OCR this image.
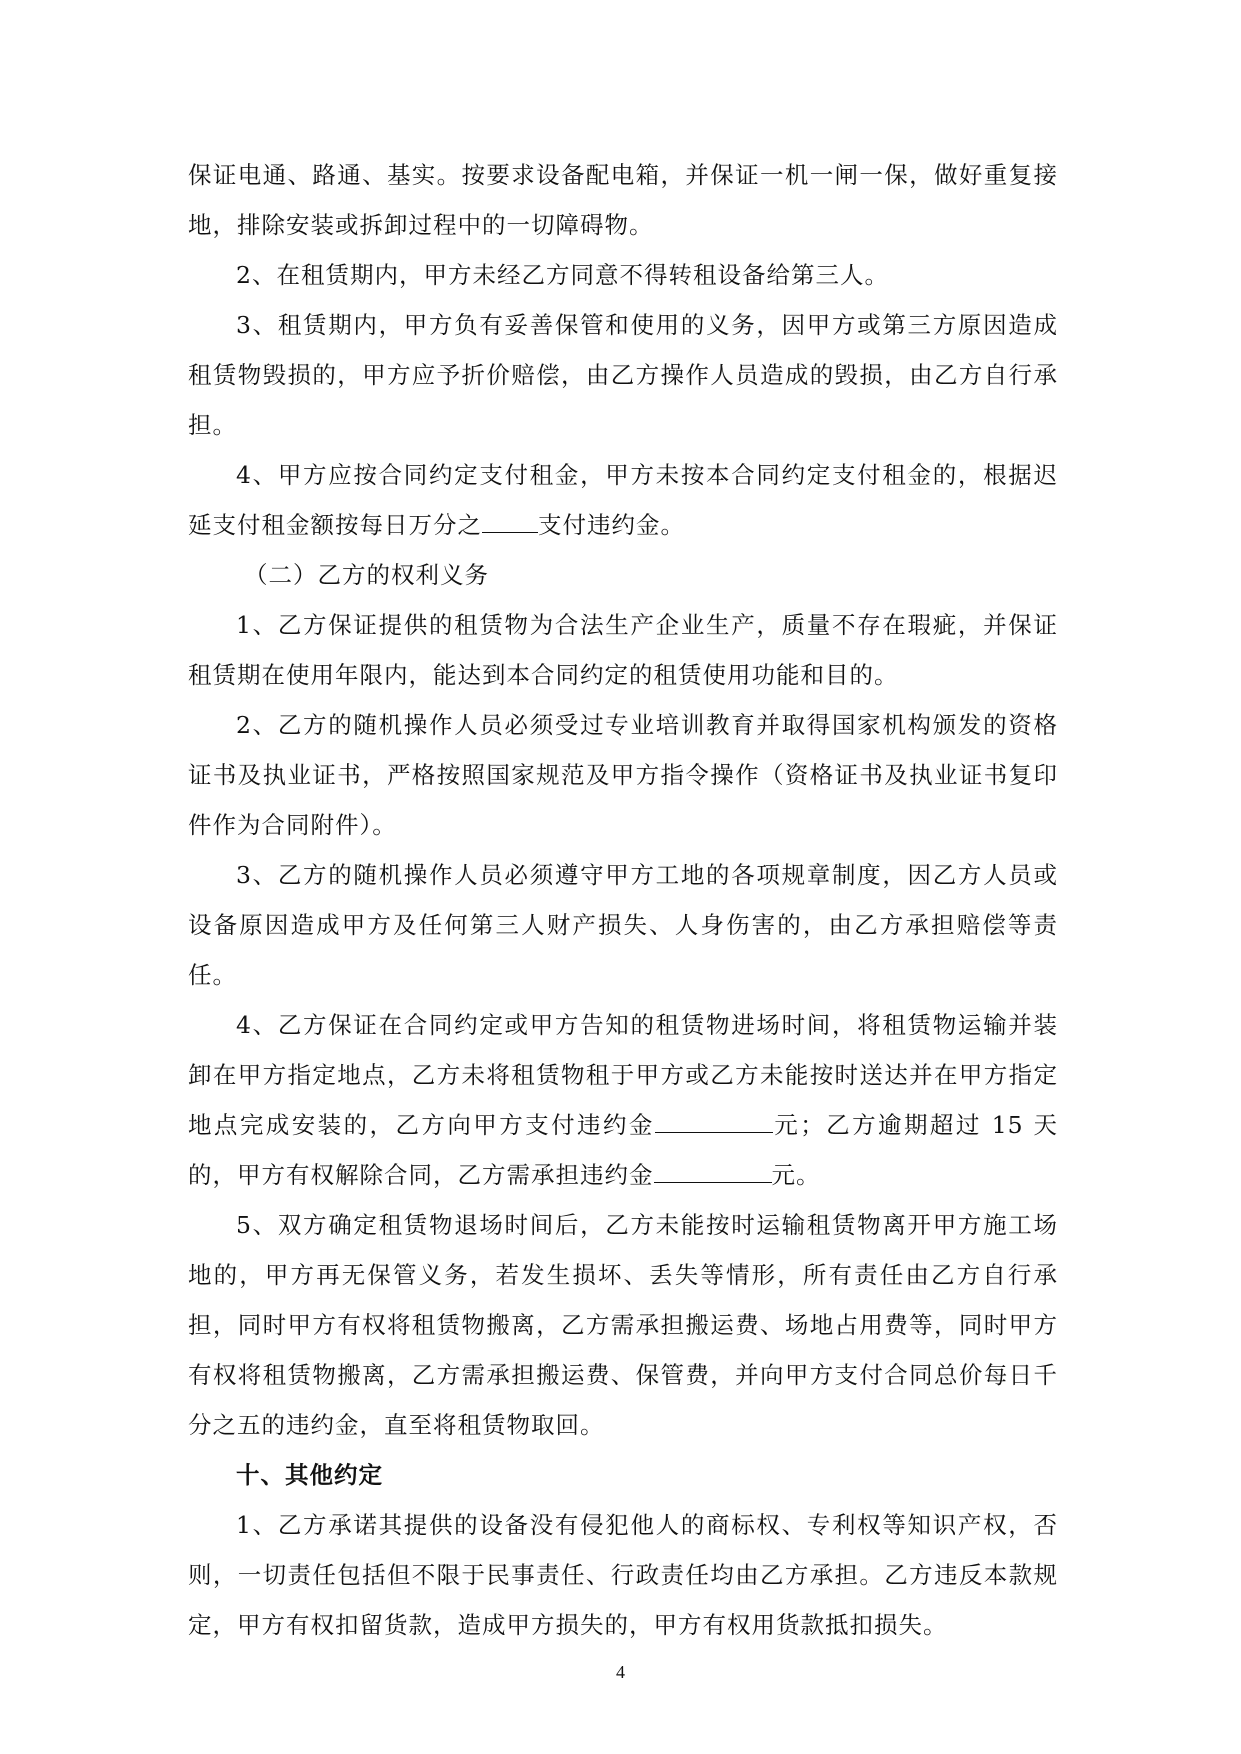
保证电通、路通、基实。按要求设备配电箱，并保证一机一闸一保，做好重复接地，排除安装或拆卸过程中的一切障碍物。

2、在租赁期内，甲方未经乙方同意不得转租设备给第三人。

3、租赁期内，甲方负有妥善保管和使用的义务，因甲方或第三方原因造成租赁物毁损的，甲方应予折价赔偿，由乙方操作人员造成的毁损，由乙方自行承担。

4、甲方应按合同约定支付租金，甲方未按本合同约定支付租金的，根据迟延支付租金额按每日万分之 支付违约金。

（二）乙方的权利义务

1、乙方保证提供的租赁物为合法生产企业生产，质量不存在瑕疵，并保证租赁期在使用年限内，能达到本合同约定的租赁使用功能和目的。

2、乙方的随机操作人员必须受过专业培训教育并取得国家机构颁发的资格证书及执业证书，严格按照国家规范及甲方指令操作（资格证书及执业证书复印件作为合同附件）。

3、乙方的随机操作人员必须遵守甲方工地的各项规章制度，因乙方人员或设备原因造成甲方及任何第三人财产损失、人身伤害的，由乙方承担赔偿等责任。

4、乙方保证在合同约定或甲方告知的租赁物进场时间，将租赁物运输并装卸在甲方指定地点，乙方未将租赁物租于甲方或乙方未能按时送达并在甲方指定地点完成安装的，乙方向甲方支付违约金	元；乙方逾期超过 15 天的，甲方有权解除合同，乙方需承担违约金	元。

5、双方确定租赁物退场时间后，乙方未能按时运输租赁物离开甲方施工场地的，甲方再无保管义务，若发生损坏、丢失等情形，所有责任由乙方自行承担，同时甲方有权将租赁物搬离，乙方需承担搬运费、场地占用费等，同时甲方有权将租赁物搬离，乙方需承担搬运费、保管费，并向甲方支付合同总价每日千分之五的违约金，直至将租赁物取回。

十、其他约定

1、乙方承诺其提供的设备没有侵犯他人的商标权、专利权等知识产权，否则，一切责任包括但不限于民事责任、行政责任均由乙方承担。乙方违反本款规定，甲方有权扣留货款，造成甲方损失的，甲方有权用货款抵扣损失。

4
